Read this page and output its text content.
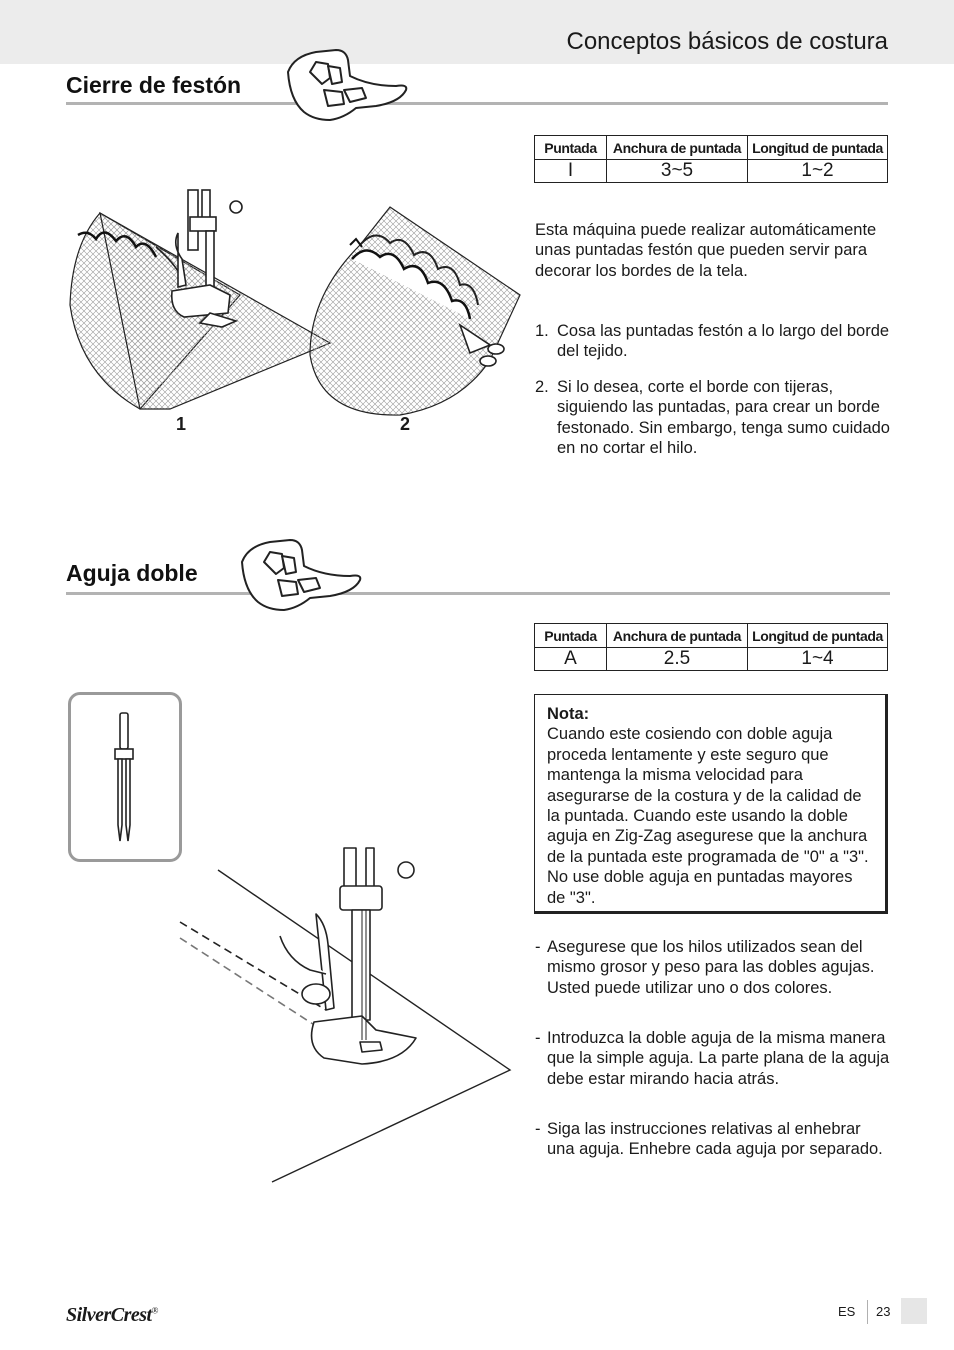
Conceptos básicos de costura
Cierre de festón
Puntada	Anchura de puntada	Longitud de puntada
I	3~5	1~2
Esta máquina puede realizar automáticamente unas puntadas festón que pueden servir para decorar los bordes de la tela.
1. Cosa las puntadas festón a lo largo del borde del tejido.
2. Si lo desea, corte el borde con tijeras, siguiendo las puntadas, para crear un borde festonado. Sin embargo, tenga sumo cuidado en no cortar el hilo.
1	2
Aguja doble
Puntada	Anchura de puntada	Longitud de puntada
A	2.5	1~4
Nota:
Cuando este cosiendo con doble aguja proceda lentamente y este seguro que mantenga la misma velocidad para asegurarse de la costura y de la calidad de la puntada. Cuando este usando la doble aguja en Zig-Zag asegurese que la anchura de la puntada este programada de "0" a "3". No use doble aguja en puntadas mayores de "3".
- Asegurese que los hilos utilizados sean del mismo grosor y peso para las dobles agujas. Usted puede utilizar uno o dos colores.
- Introduzca la doble aguja de la misma manera que la simple aguja. La parte plana de la aguja debe estar mirando hacia atrás.
- Siga las instrucciones relativas al enhebrar una aguja. Enhebre cada aguja por separado.
SilverCrest®	ES 23
